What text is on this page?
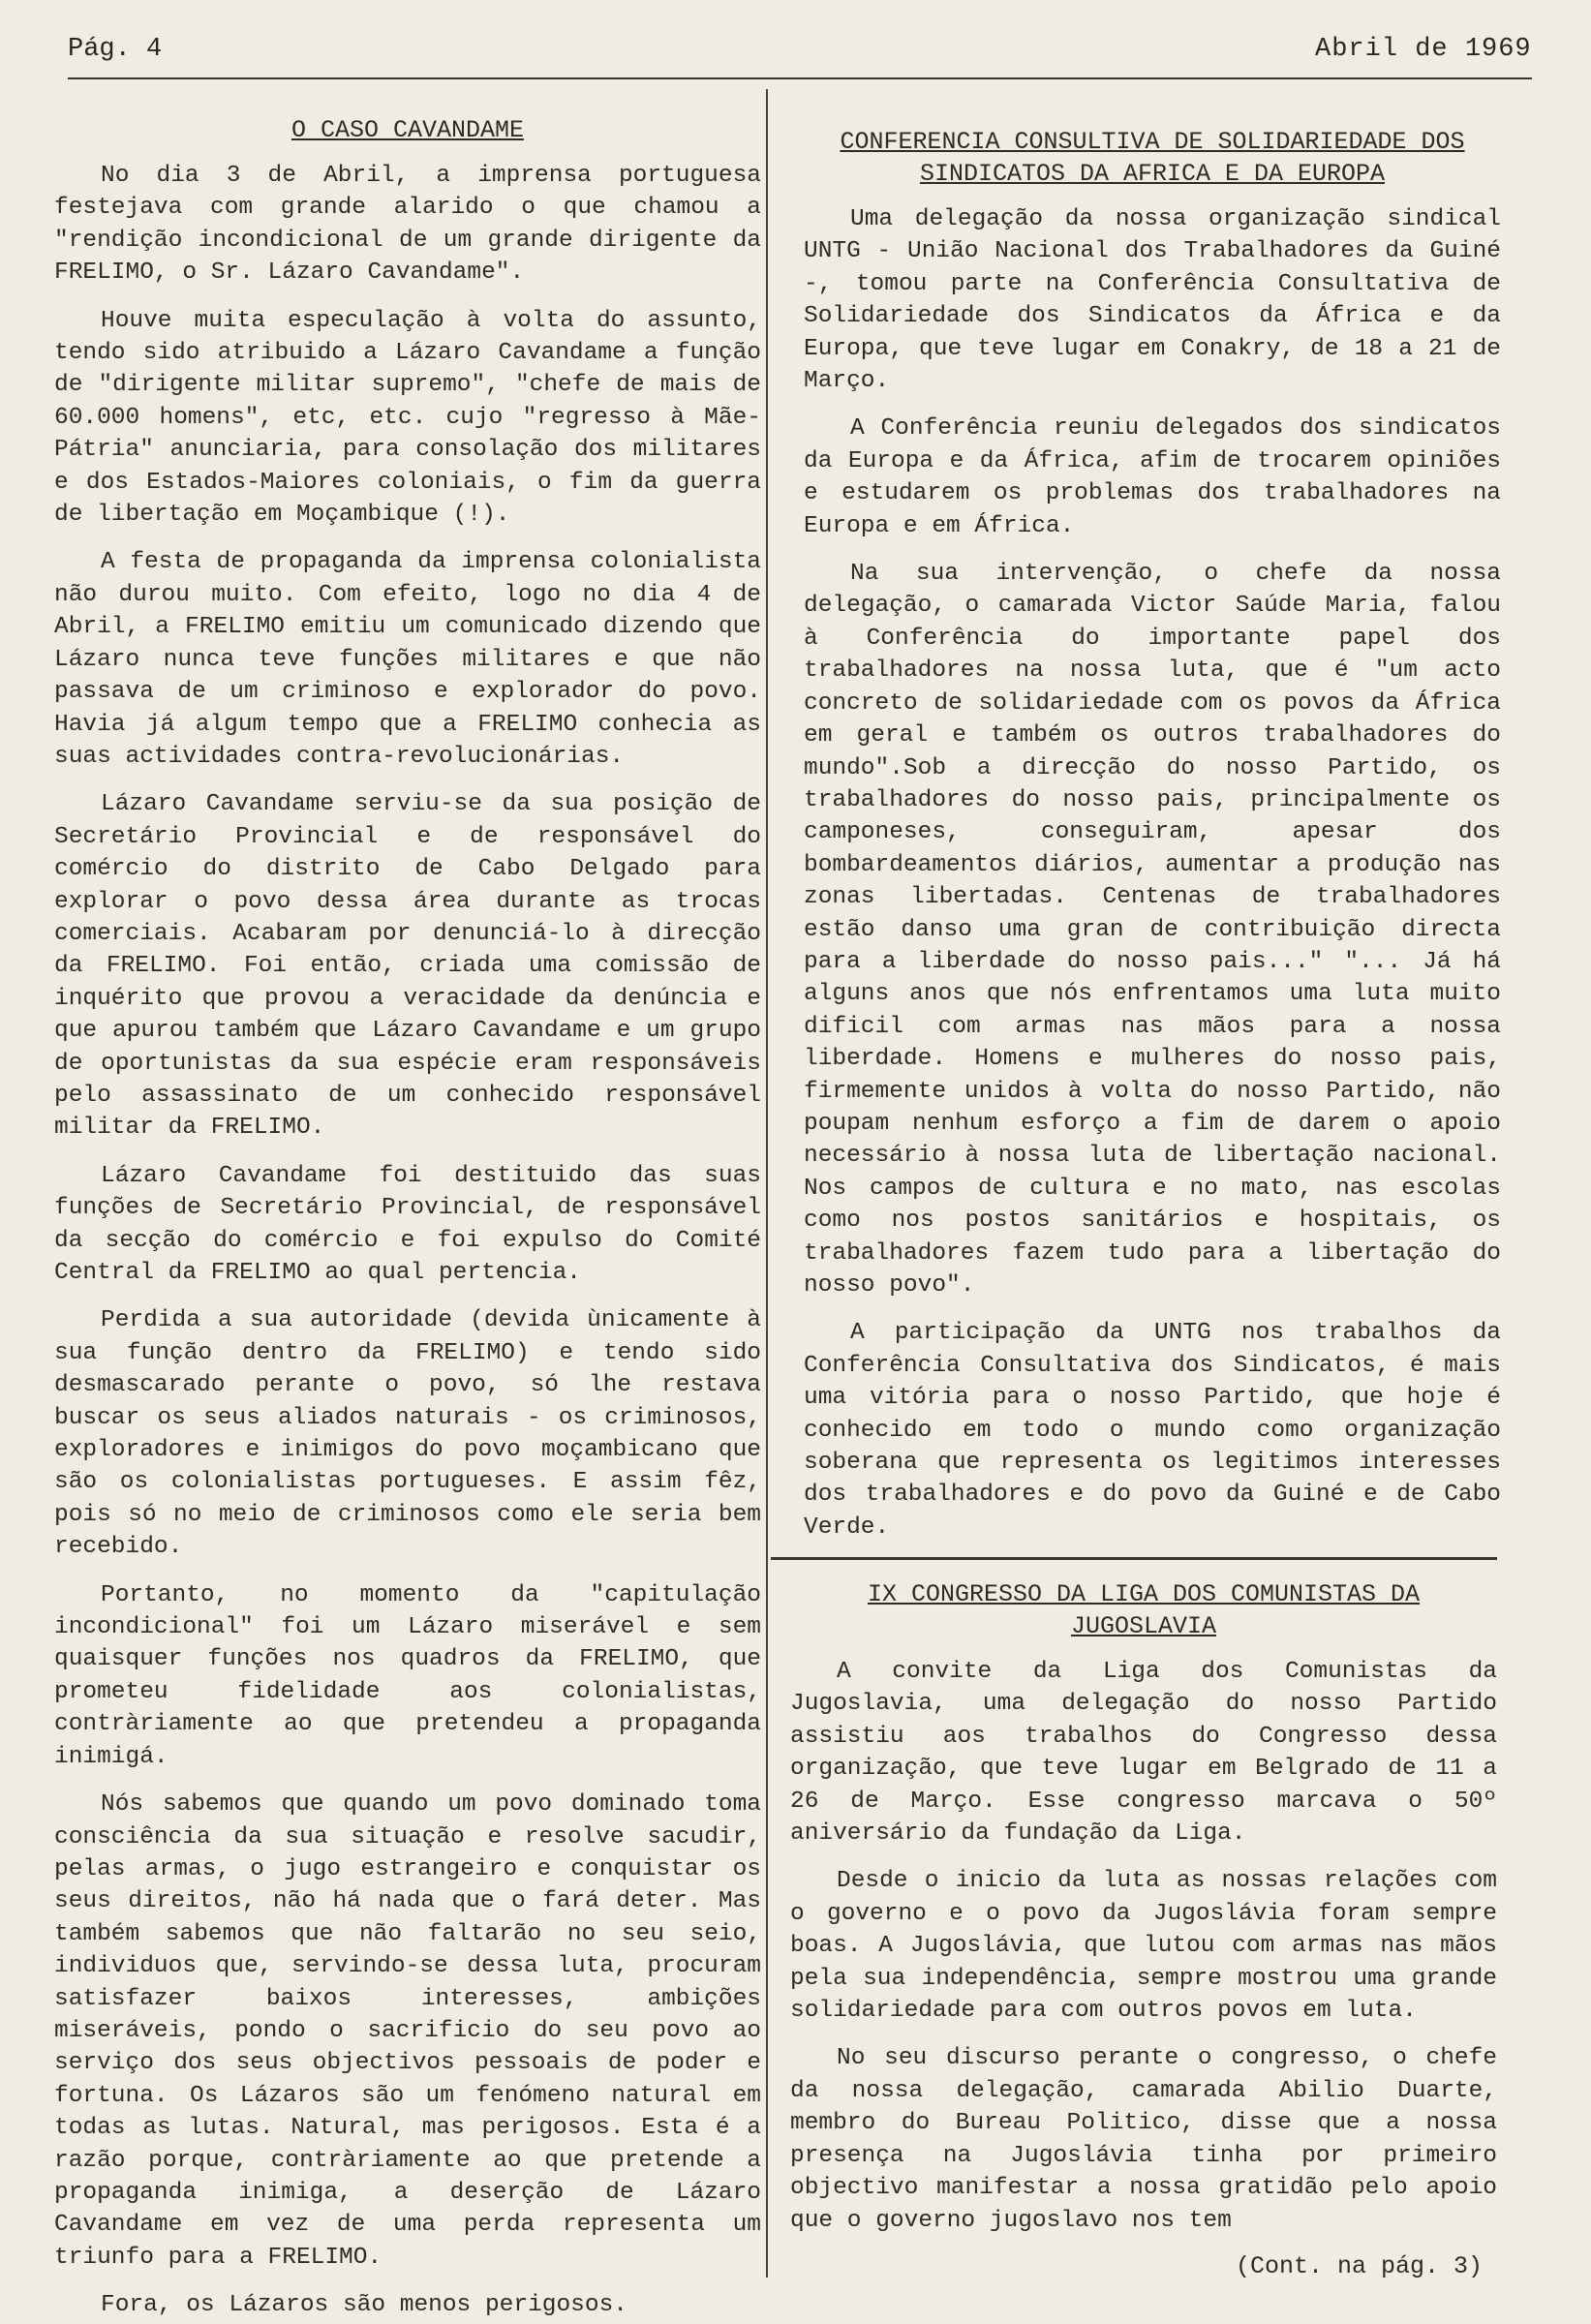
Pág. 4	Abril de 1969
O CASO CAVANDAME

No dia 3 de Abril, a imprensa portuguesa festejava com grande alarido o que chamou a "rendição incondicional de um grande dirigente da FRELIMO, o Sr. Lázaro Cavandame".

Houve muita especulação à volta do assunto, tendo sido atribuido a Lázaro Cavandame a função de "dirigente militar supremo", "chefe de mais de 60.000 homens", etc, etc. cujo "regresso à Mãe-Pátria" anunciaria, para consolação dos militares e dos Estados-Maiores coloniais, o fim da guerra de libertação em Moçambique (!).

A festa de propaganda da imprensa colonialista não durou muito. Com efeito, logo no dia 4 de Abril, a FRELIMO emitiu um comunicado dizendo que Lázaro nunca teve funções militares e que não passava de um criminoso e explorador do povo. Havia já algum tempo que a FRELIMO conhecia as suas actividades contra-revolucionárias.

Lázaro Cavandame serviu-se da sua posição de Secretário Provincial e de responsável do comércio do distrito de Cabo Delgado para explorar o povo dessa área durante as trocas comerciais. Acabaram por denunciá-lo à direcção da FRELIMO. Foi então, criada uma comissão de inquérito que provou a veracidade da denúncia e que apurou também que Lázaro Cavandame e um grupo de oportunistas da sua espécie eram responsáveis pelo assassinato de um conhecido responsável militar da FRELIMO.

Lázaro Cavandame foi destituido das suas funções de Secretário Provincial, de responsável da secção do comércio e foi expulso do Comité Central da FRELIMO ao qual pertencia.

Perdida a sua autoridade (devida ùnicamente à sua função dentro da FRELIMO) e tendo sido desmascarado perante o povo, só lhe restava buscar os seus aliados naturais - os criminosos, exploradores e inimigos do povo moçambicano que são os colonialistas portugueses. E assim fêz, pois só no meio de criminosos como ele seria bem recebido.

Portanto, no momento da "capitulação incondicional" foi um Lázaro miserável e sem quaisquer funções nos quadros da FRELIMO, que prometeu fidelidade aos colonialistas, contràriamente ao que pretendeu a propaganda inimigá.

Nós sabemos que quando um povo dominado toma consciência da sua situação e resolve sacudir, pelas armas, o jugo estrangeiro e conquistar os seus direitos, não há nada que o fará deter. Mas também sabemos que não faltarão no seu seio, individuos que, servindo-se dessa luta, procuram satisfazer baixos interesses, ambições miseráveis, pondo o sacrificio do seu povo ao serviço dos seus objectivos pessoais de poder e fortuna. Os Lázaros são um fenómeno natural em todas as lutas. Natural, mas perigosos. Esta é a razão porque, contràriamente ao que pretende a propaganda inimiga, a deserção de Lázaro Cavandame em vez de uma perda representa um triunfo para a FRELIMO.

Fora, os Lázaros são menos perigosos.
CONFERENCIA CONSULTIVA DE SOLIDARIEDADE DOS SINDICATOS DA AFRICA E DA EUROPA

Uma delegação da nossa organização sindical UNTG - União Nacional dos Trabalhadores da Guiné -, tomou parte na Conferência Consultativa de Solidariedade dos Sindicatos da África e da Europa, que teve lugar em Conakry, de 18 a 21 de Março.

A Conferência reuniu delegados dos sindicatos da Europa e da África, afim de trocarem opiniões e estudarem os problemas dos trabalhadores na Europa e em África.

Na sua intervenção, o chefe da nossa delegação, o camarada Victor Saúde Maria, falou à Conferência do importante papel dos trabalhadores na nossa luta, que é "um acto concreto de solidariedade com os povos da África em geral e também os outros trabalhadores do mundo".Sob a direcção do nosso Partido, os trabalhadores do nosso pais, principalmente os camponeses, conseguiram, apesar dos bombardeamentos diários, aumentar a produção nas zonas libertadas. Centenas de trabalhadores estão danso uma gran de contribuição directa para a liberdade do nosso pais..." "... Já há alguns anos que nós enfrentamos uma luta muito dificil com armas nas mãos para a nossa liberdade. Homens e mulheres do nosso pais, firmemente unidos à volta do nosso Partido, não poupam nenhum esforço a fim de darem o apoio necessário à nossa luta de libertação nacional. Nos campos de cultura e no mato, nas escolas como nos postos sanitários e hospitais, os trabalhadores fazem tudo para a libertação do nosso povo".

A participação da UNTG nos trabalhos da Conferência Consultativa dos Sindicatos, é mais uma vitória para o nosso Partido, que hoje é conhecido em todo o mundo como organização soberana que representa os legitimos interesses dos trabalhadores e do povo da Guiné e de Cabo Verde.

IX CONGRESSO DA LIGA DOS COMUNISTAS DA JUGOSLAVIA

A convite da Liga dos Comunistas da Jugoslavia, uma delegação do nosso Partido assistiu aos trabalhos do Congresso dessa organização, que teve lugar em Belgrado de 11 a 26 de Março. Esse congresso marcava o 50º aniversário da fundação da Liga.

Desde o inicio da luta as nossas relações com o governo e o povo da Jugoslávia foram sempre boas. A Jugoslávia, que lutou com armas nas mãos pela sua independência, sempre mostrou uma grande solidariedade para com outros povos em luta.

No seu discurso perante o congresso, o chefe da nossa delegação, camarada Abilio Duarte, membro do Bureau Politico, disse que a nossa presença na Jugoslávia tinha por primeiro objectivo manifestar a nossa gratidão pelo apoio que o governo jugoslavo nos tem

(Cont. na pág. 3)
